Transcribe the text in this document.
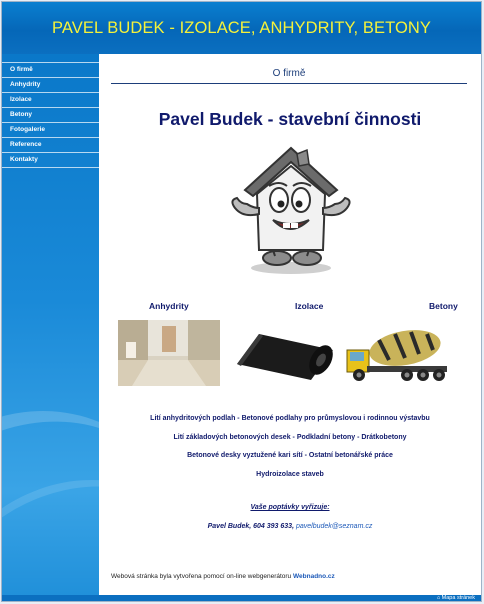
PAVEL BUDEK - IZOLACE, ANHYDRITY, BETONY
O firmě
Anhydrity
Izolace
Betony
Fotogalerie
Reference
Kontakty
O firmě
Pavel Budek - stavební činnosti
Anhydrity	Izolace	Betony
Lití anhydritových podlah - Betonové podlahy pro průmyslovou i rodinnou výstavbu
Lití základových betonových desek - Podkladní betony - Drátkobetony
Betonové desky vyztužené kari sítí - Ostatní betonářské práce
Hydroizolace staveb
Vaše poptávky vyřizuje:
Pavel Budek, 604 393 633, pavelbudek@seznam.cz
Webová stránka byla vytvořena pomocí on-line webgenerátoru Webnadno.cz
⌂ Mapa stránek
